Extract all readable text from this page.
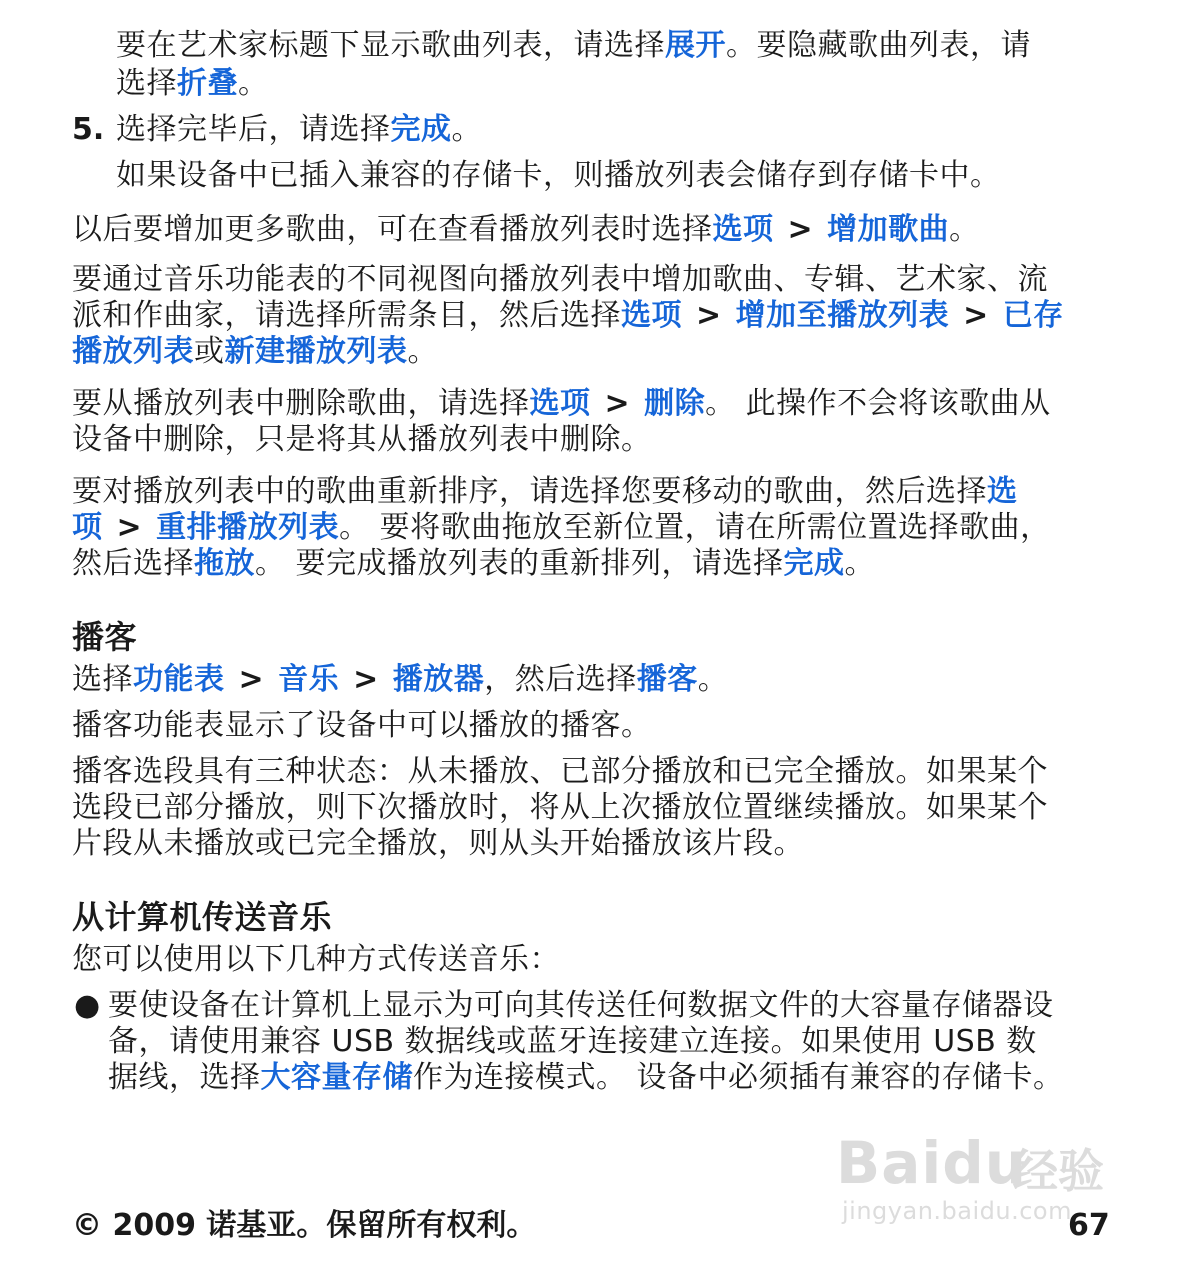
要在艺术家标题下显示歌曲列表，请选择展开。要隐藏歌曲列表，请
选择折叠。
5. 选择完毕后，请选择完成。
如果设备中已插入兼容的存储卡，则播放列表会储存到存储卡中。
以后要增加更多歌曲，可在查看播放列表时选择选项 > 增加歌曲。
要通过音乐功能表的不同视图向播放列表中增加歌曲、专辑、艺术家、流
派和作曲家，请选择所需条目，然后选择选项 > 增加至播放列表 > 已存
播放列表或新建播放列表。
要从播放列表中删除歌曲，请选择选项 > 删除。 此操作不会将该歌曲从
设备中删除，只是将其从播放列表中删除。
要对播放列表中的歌曲重新排序，请选择您要移动的歌曲，然后选择选
项 > 重排播放列表。 要将歌曲拖放至新位置，请在所需位置选择歌曲，
然后选择拖放。 要完成播放列表的重新排列，请选择完成。
播客
选择功能表 > 音乐 > 播放器，然后选择播客。
播客功能表显示了设备中可以播放的播客。
播客选段具有三种状态：从未播放、已部分播放和已完全播放。如果某个
选段已部分播放，则下次播放时，将从上次播放位置继续播放。如果某个
片段从未播放或已完全播放，则从头开始播放该片段。
从计算机传送音乐
您可以使用以下几种方式传送音乐：
● 要使设备在计算机上显示为可向其传送任何数据文件的大容量存储器设
备，请使用兼容 USB 数据线或蓝牙连接建立连接。如果使用 USB 数
据线，选择大容量存储作为连接模式。 设备中必须插有兼容的存储卡。
Baidu
经验
jingyan.baidu.com
© 2009 诺基亚。保留所有权利。	67
